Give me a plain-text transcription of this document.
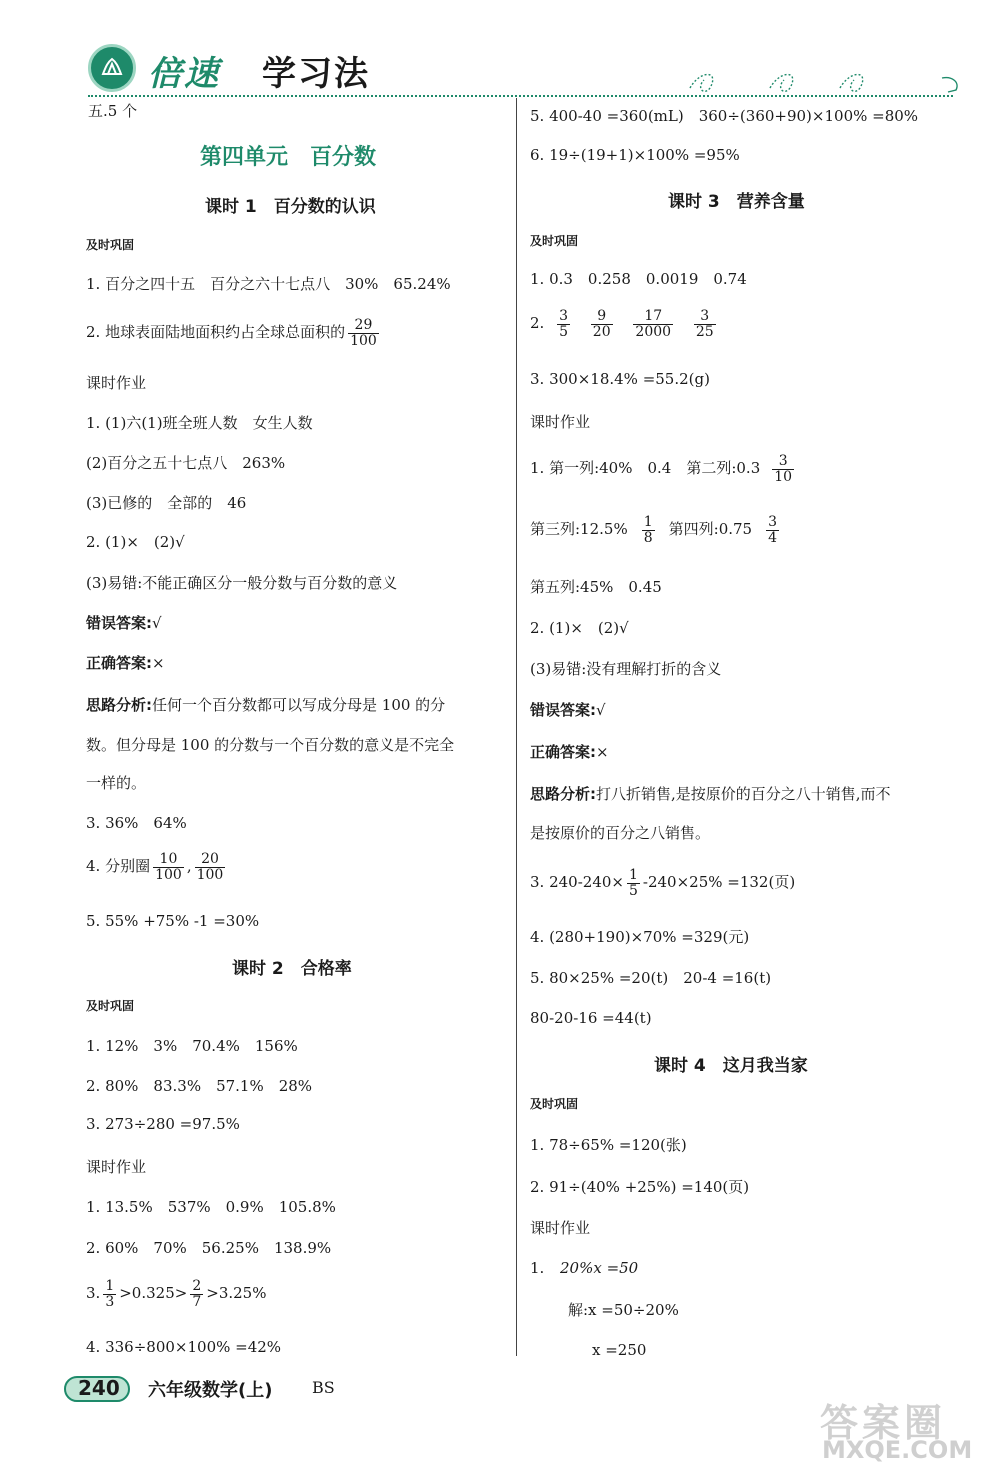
倍速 学习法
五.5 个
第四单元　百分数
课时 1　百分数的认识
及时巩固
1. 百分之四十五　百分之六十七点八　30%　65.24%
2. 地球表面陆地面积约占全球总面积的 $\frac{29}{100}$
课时作业
1. (1)六(1)班全班人数　女生人数
(2)百分之五十七点八　263%
(3)已修的　全部的　46
2. (1)×　(2)√
(3)易错:不能正确区分一般分数与百分数的意义
错误答案:√
正确答案:×
思路分析:任何一个百分数都可以写成分母是 100 的分
数。但分母是 100 的分数与一个百分数的意义是不完全
一样的。
3. 36%　64%
4. 分别圈 $\frac{10}{100}$ , $\frac{20}{100}$
5. 55% +75% -1 =30%
课时 2　合格率
及时巩固
1. 12%　3%　70.4%　156%
2. 80%　83.3%　57.1%　28%
3. 273÷280 =97.5%
课时作业
1. 13.5%　537%　0.9%　105.8%
2. 60%　70%　56.25%　138.9%
3. $\frac{1}{3} >0.325> \frac{2}{7} >3.25\%$
4. 336÷800×100% =42%
5. 400-40 =360(mL)　360÷(360+90)×100% =80%
6. 19÷(19+1)×100% =95%
课时 3　营养含量
及时巩固
1. 0.3　0.258　0.0019　0.74
2. $\frac{3}{5}$
$\frac{9}{20}$
$\frac{17}{2000}$
$\frac{3}{25}$
3. 300×18.4% =55.2(g)
课时作业
1. 第一列:40%　0.4　第二列:0.3 $\frac{3}{10}$
第三列:12.5% $\frac{1}{8}$ 第四列:0.75 $\frac{3}{4}$
第五列:45%　0.45
2. (1)×　(2)√
(3)易错:没有理解打折的含义
错误答案:√
正确答案:×
思路分析:打八折销售,是按原价的百分之八十销售,而不
是按原价的百分之八销售。
3. $240-240\times \frac{1}{5} -240\times 25\% =132$(页)
4. (280+190)×70% =329(元)
5. 80×25% =20(t)　20-4 =16(t)
80-20-16 =44(t)
课时 4　这月我当家
及时巩固
1. 78÷65% =120(张)
2. 91÷(40% +25%) =140(页)
课时作业
1. 20%x =50
解:x =50÷20%
x =250
240 六年级数学(上) BS
答案圈
MXQE.COM
